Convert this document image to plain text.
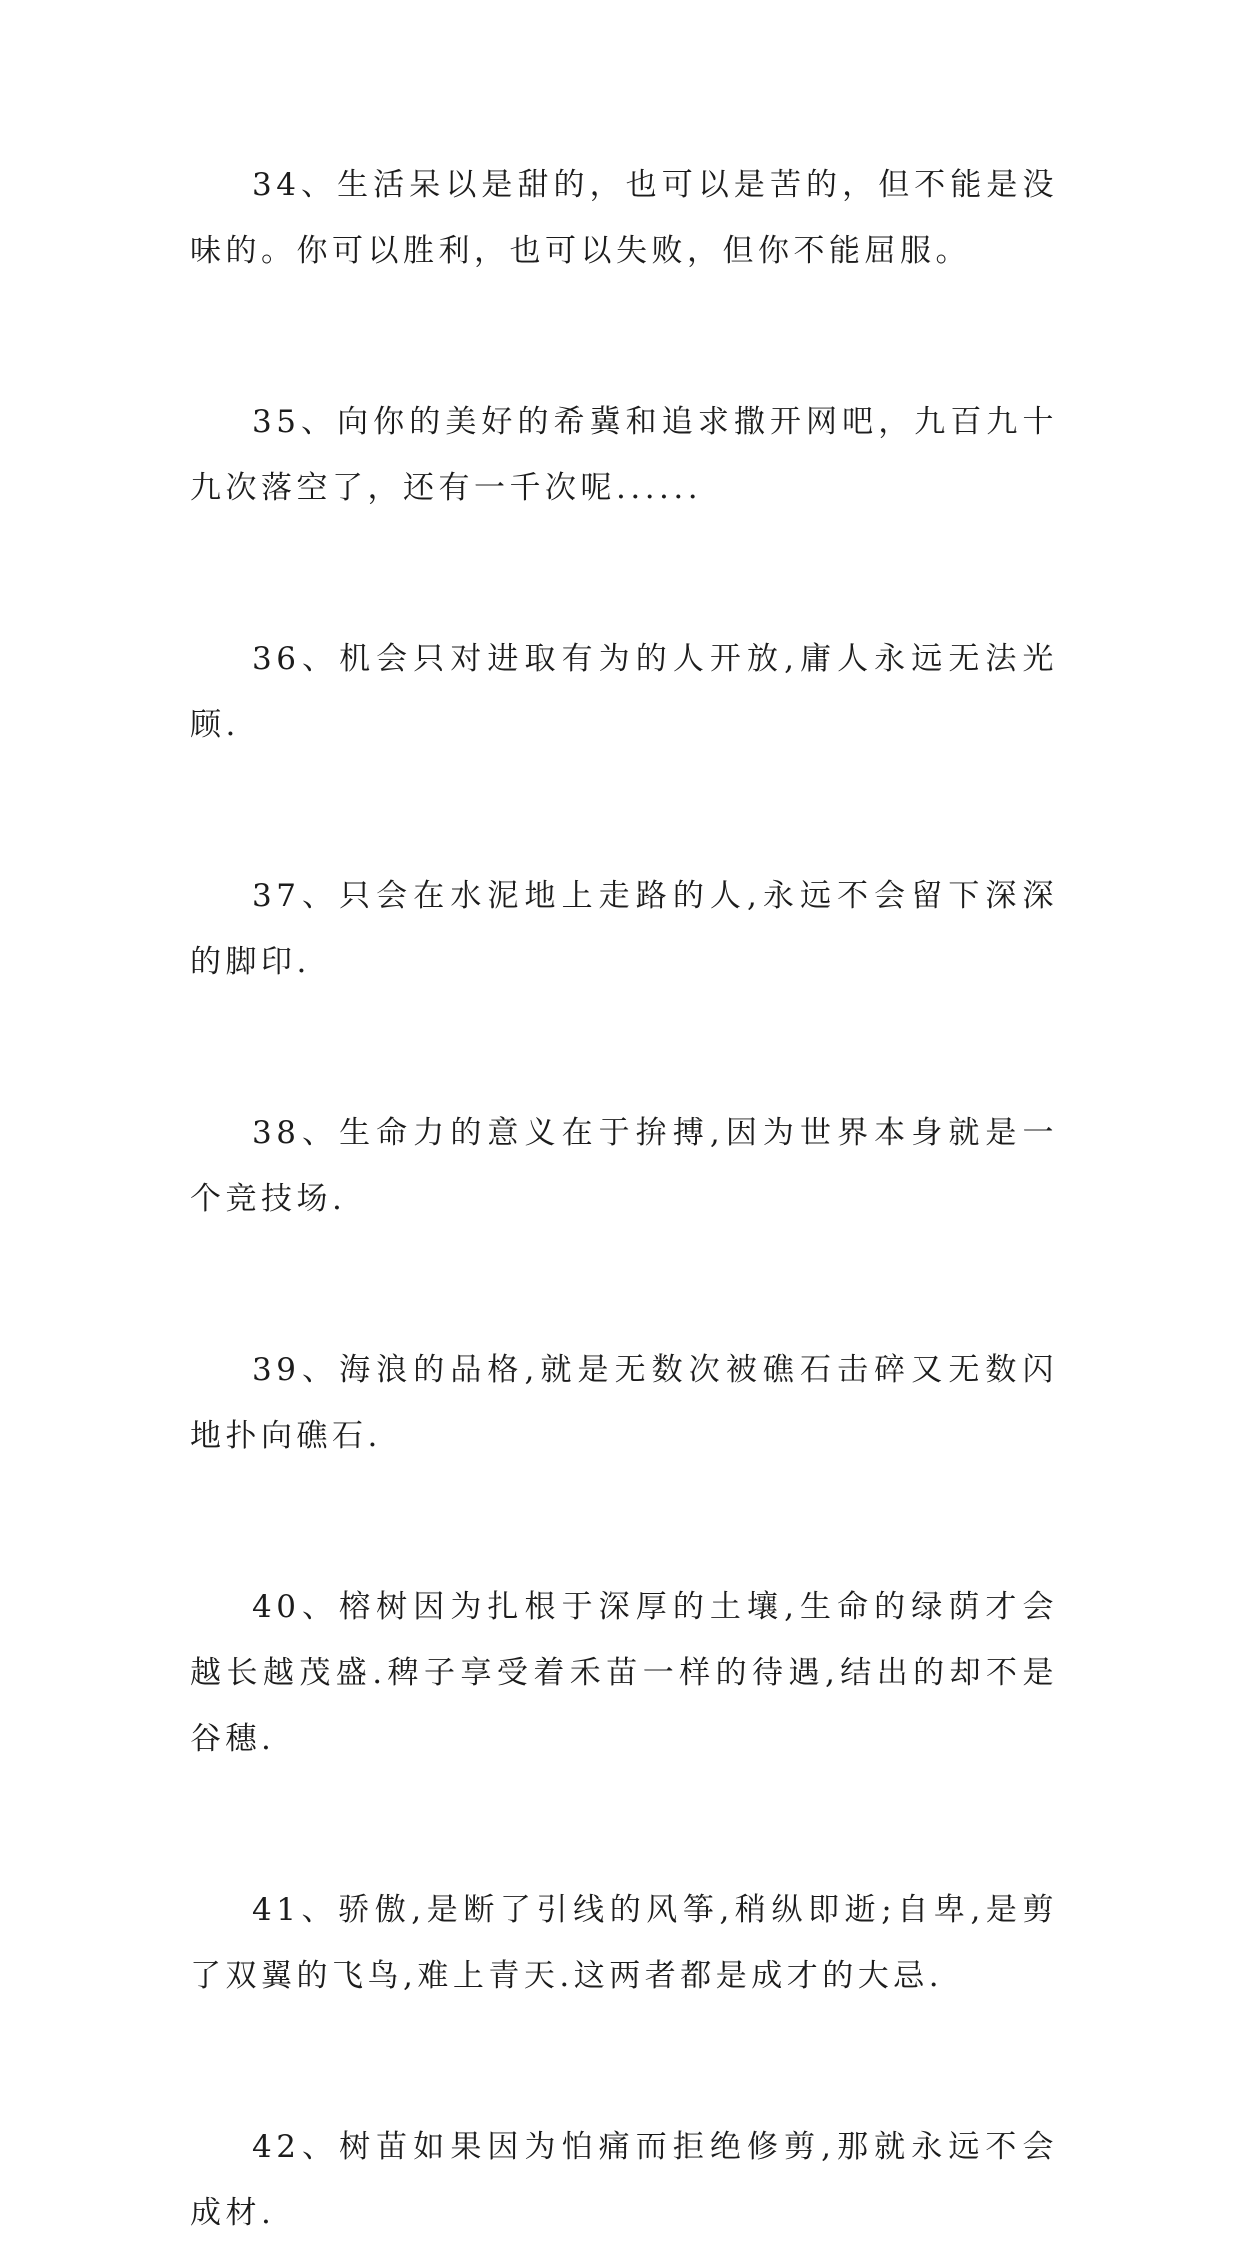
34、生活呆以是甜的，也可以是苦的，但不能是没味的。你可以胜利，也可以失败，但你不能屈服。

35、向你的美好的希冀和追求撒开网吧，九百九十九次落空了，还有一千次呢......

36、机会只对进取有为的人开放,庸人永远无法光顾.

37、只会在水泥地上走路的人,永远不会留下深深的脚印.

38、生命力的意义在于拚搏,因为世界本身就是一个竞技场.

39、海浪的品格,就是无数次被礁石击碎又无数闪地扑向礁石.

40、榕树因为扎根于深厚的土壤,生命的绿荫才会越长越茂盛.稗子享受着禾苗一样的待遇,结出的却不是谷穗.

41、骄傲,是断了引线的风筝,稍纵即逝;自卑,是剪了双翼的飞鸟,难上青天.这两者都是成才的大忌.

42、树苗如果因为怕痛而拒绝修剪,那就永远不会成材.
